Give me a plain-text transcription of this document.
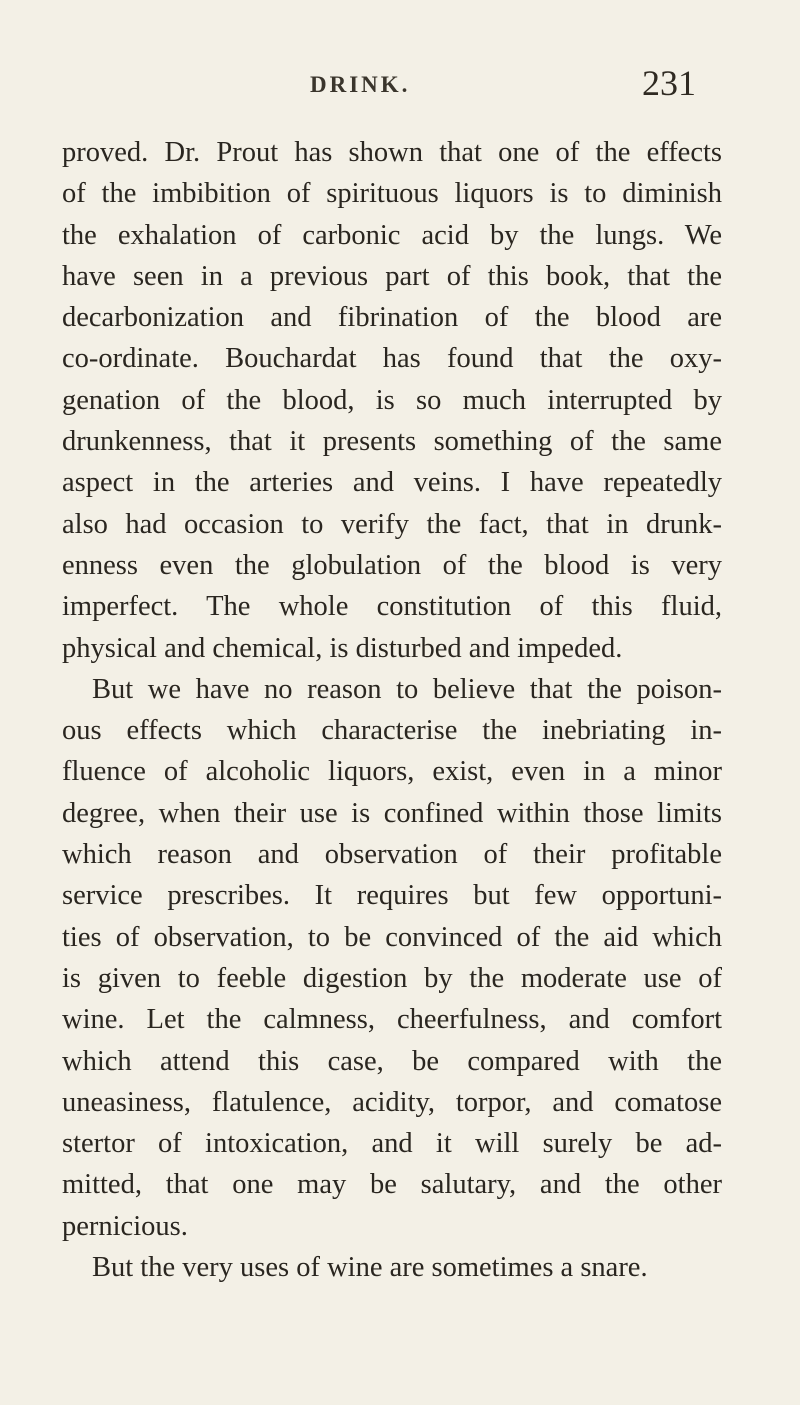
DRINK.	231
proved. Dr. Prout has shown that one of the effects
of the imbibition of spirituous liquors is to diminish
the exhalation of carbonic acid by the lungs. We
have seen in a previous part of this book, that the
decarbonization and fibrination of the blood are
co-ordinate. Bouchardat has found that the oxy-
genation of the blood, is so much interrupted by
drunkenness, that it presents something of the same
aspect in the arteries and veins. I have repeatedly
also had occasion to verify the fact, that in drunk-
enness even the globulation of the blood is very
imperfect. The whole constitution of this fluid,
physical and chemical, is disturbed and impeded.
But we have no reason to believe that the poison-
ous effects which characterise the inebriating in-
fluence of alcoholic liquors, exist, even in a minor
degree, when their use is confined within those limits
which reason and observation of their profitable
service prescribes. It requires but few opportuni-
ties of observation, to be convinced of the aid which
is given to feeble digestion by the moderate use of
wine. Let the calmness, cheerfulness, and comfort
which attend this case, be compared with the
uneasiness, flatulence, acidity, torpor, and comatose
stertor of intoxication, and it will surely be ad-
mitted, that one may be salutary, and the other
pernicious.
But the very uses of wine are sometimes a snare.
